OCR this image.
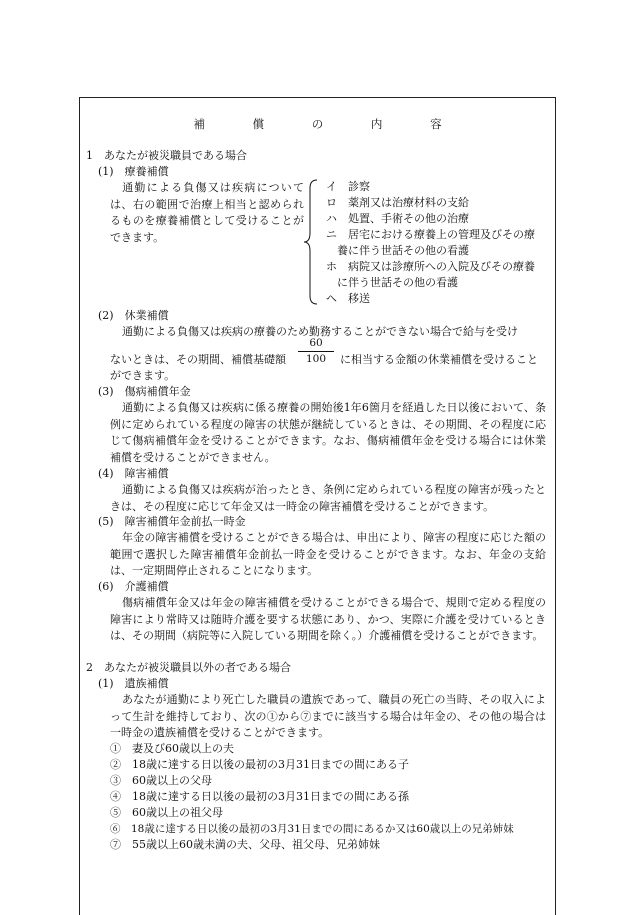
補	償	の	内	容
1　あなたが被災職員である場合
(1)　療養補償
　通勤による負傷又は疾病については、右の範囲で治療上相当と認められるものを療養補償として受けることができます。
イ　診察
ロ　薬剤又は治療材料の支給
ハ　処置、手術その他の治療
ニ　居宅における療養上の管理及びその療
　養に伴う世話その他の看護
ホ　病院又は診療所への入院及びその療養
　に伴う世話その他の看護
ヘ　移送
(2)　休業補償
通勤による負傷又は疾病の療養のため勤務することができない場合で給与を受け
ないときは、その期間、補償基礎額 $\frac{60}{100}$ に相当する金額の休業補償を受けること
ができます。
(3)　傷病補償年金
通勤による負傷又は疾病に係る療養の開始後1年6箇月を経過した日以後において、条例に定められている程度の障害の状態が継続しているときは、その期間、その程度に応じて傷病補償年金を受けることができます。なお、傷病補償年金を受ける場合には休業補償を受けることができません。
(4)　障害補償
通勤による負傷又は疾病が治ったとき、条例に定められている程度の障害が残ったときは、その程度に応じて年金又は一時金の障害補償を受けることができます。
(5)　障害補償年金前払一時金
年金の障害補償を受けることができる場合は、申出により、障害の程度に応じた額の範囲で選択した障害補償年金前払一時金を受けることができます。なお、年金の支給は、一定期間停止されることになります。
(6)　介護補償
傷病補償年金又は年金の障害補償を受けることができる場合で、規則で定める程度の障害により常時又は随時介護を要する状態にあり、かつ、実際に介護を受けているときは、その期間（病院等に入院している期間を除く。）介護補償を受けることができます。
2　あなたが被災職員以外の者である場合
(1)　遺族補償
あなたが通勤により死亡した職員の遺族であって、職員の死亡の当時、その収入によって生計を維持しており、次の①から⑦までに該当する場合は年金の、その他の場合は一時金の遺族補償を受けることができます。
①　妻及び60歳以上の夫
②　18歳に達する日以後の最初の3月31日までの間にある子
③　60歳以上の父母
④　18歳に達する日以後の最初の3月31日までの間にある孫
⑤　60歳以上の祖父母
⑥　18歳に達する日以後の最初の3月31日までの間にあるか又は60歳以上の兄弟姉妹
⑦　55歳以上60歳未満の夫、父母、祖父母、兄弟姉妹
